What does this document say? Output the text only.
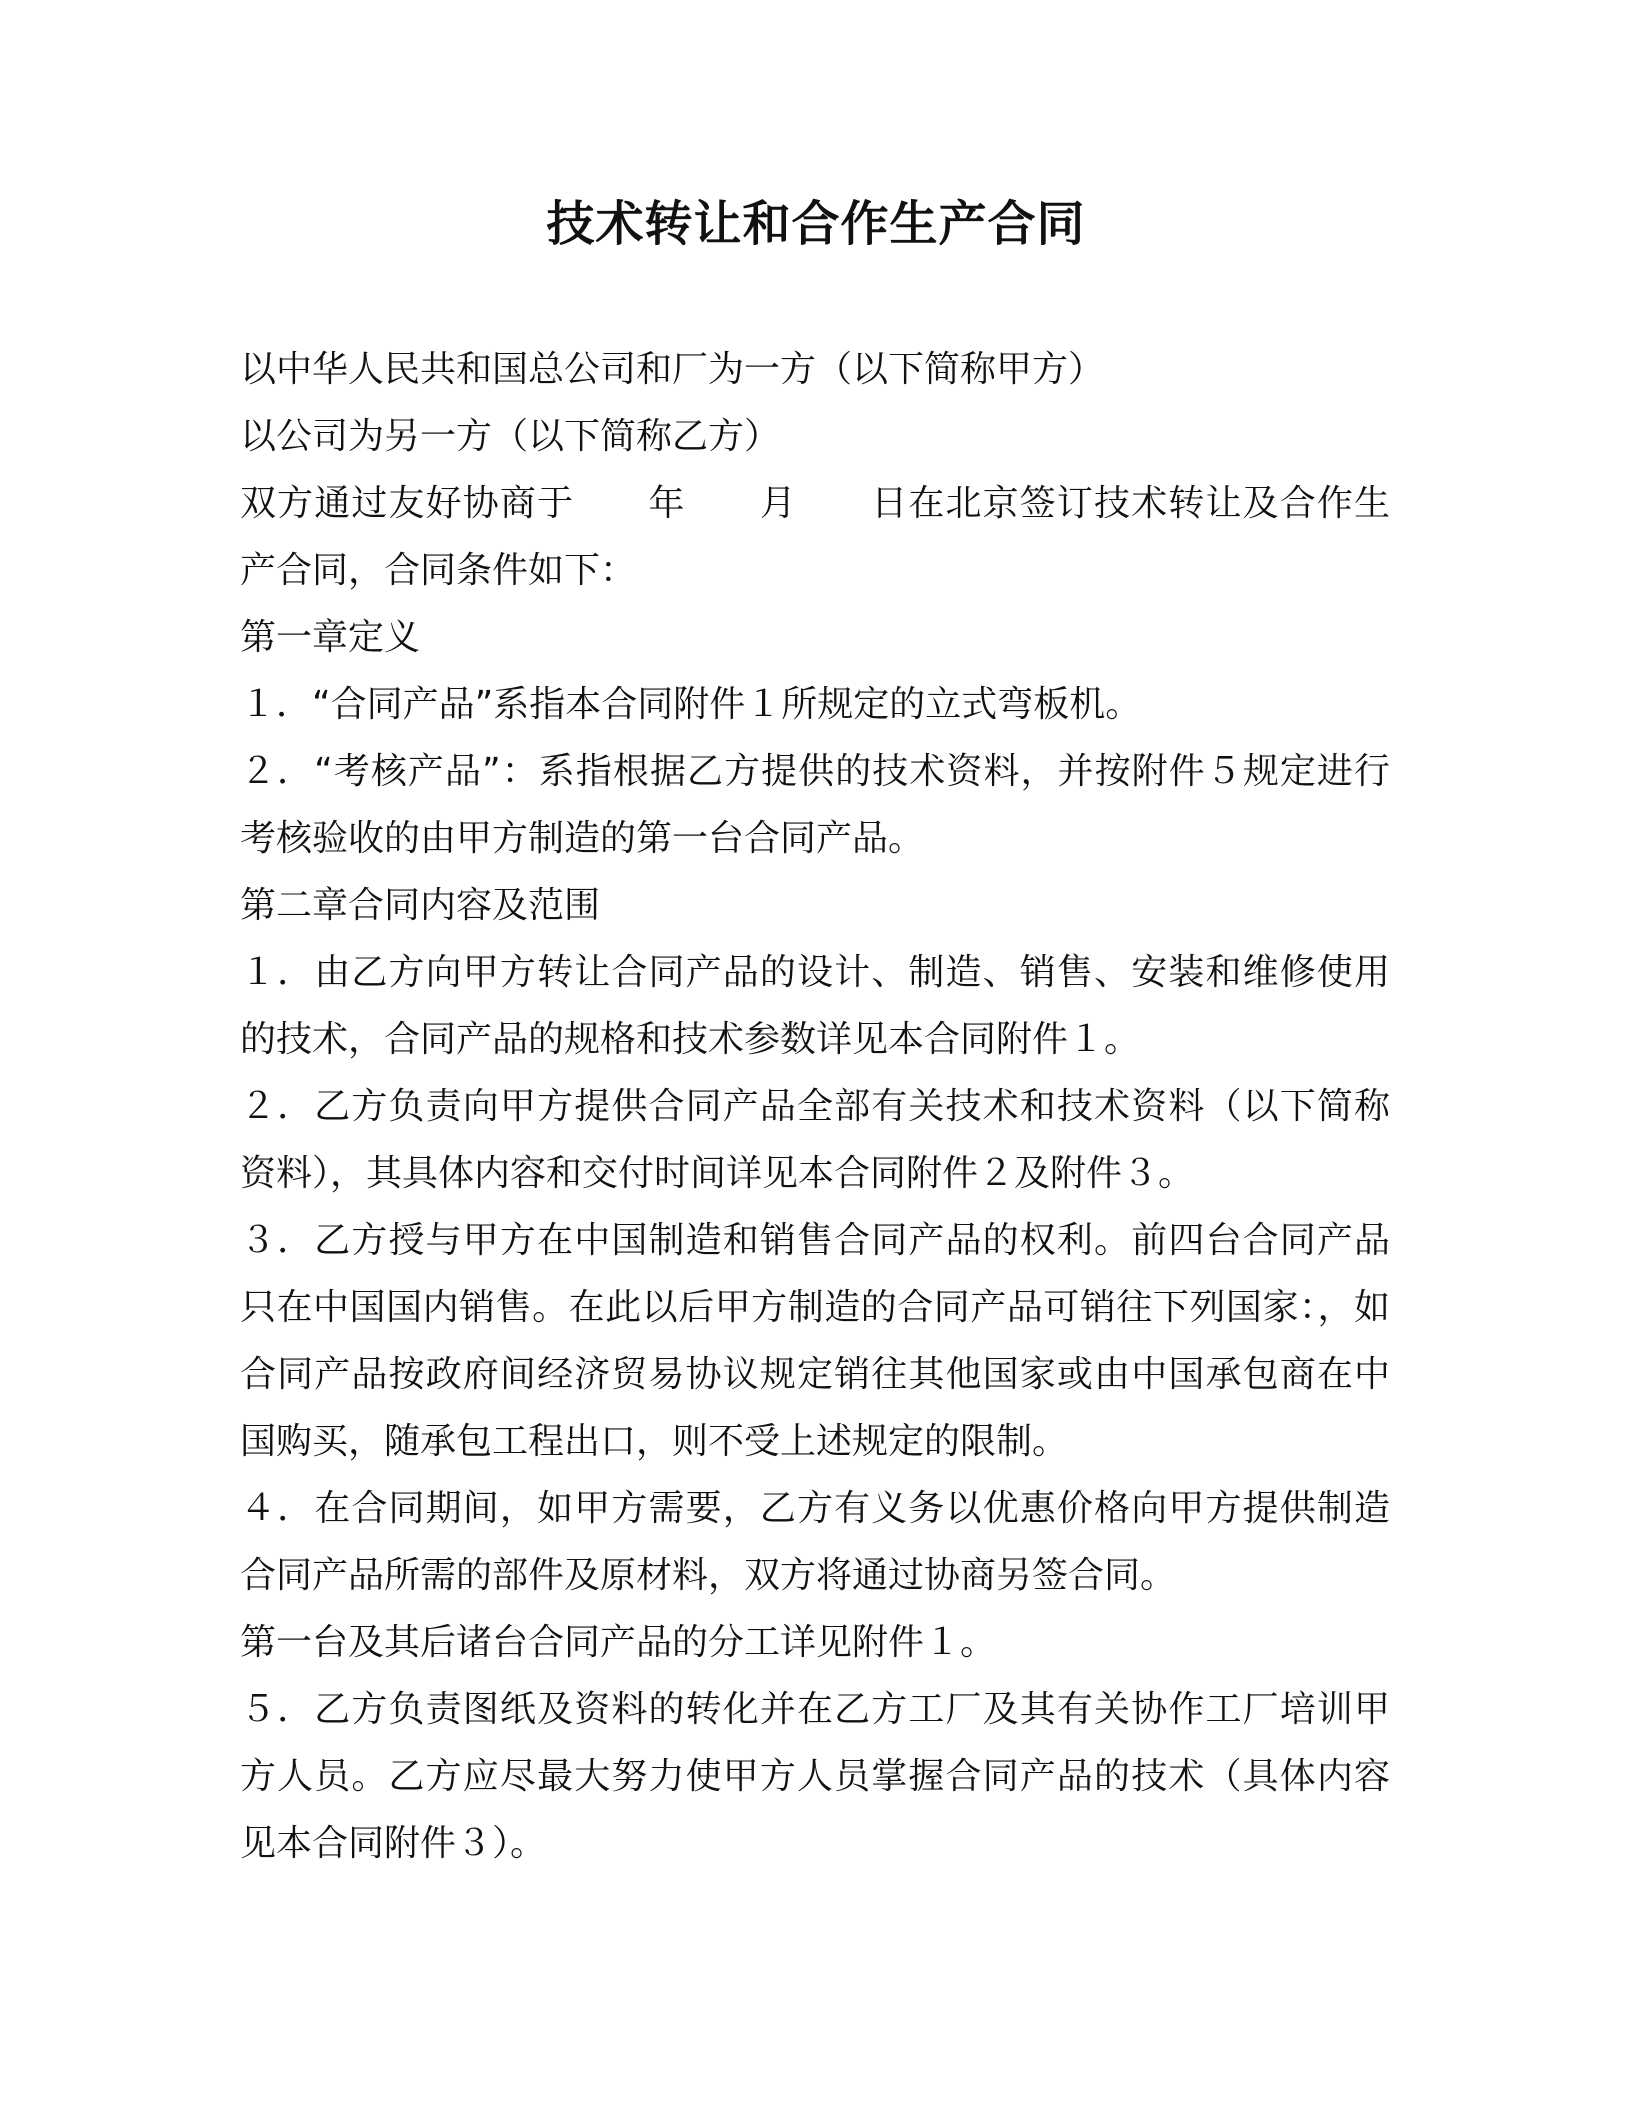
技术转让和合作生产合同

以中华人民共和国总公司和厂为一方（以下简称甲方）

以公司为另一方（以下简称乙方）

双方通过友好协商于　　年　　月　　日在北京签订技术转让及合作生产合同，合同条件如下：

第一章定义

１．“合同产品”系指本合同附件１所规定的立式弯板机。

２．“考核产品”：系指根据乙方提供的技术资料，并按附件５规定进行考核验收的由甲方制造的第一台合同产品。

第二章合同内容及范围

１．由乙方向甲方转让合同产品的设计、制造、销售、安装和维修使用的技术，合同产品的规格和技术参数详见本合同附件１。

２．乙方负责向甲方提供合同产品全部有关技术和技术资料（以下简称资料），其具体内容和交付时间详见本合同附件２及附件３。

３．乙方授与甲方在中国制造和销售合同产品的权利。前四台合同产品只在中国国内销售。在此以后甲方制造的合同产品可销往下列国家：，如合同产品按政府间经济贸易协议规定销往其他国家或由中国承包商在中国购买，随承包工程出口，则不受上述规定的限制。

４．在合同期间，如甲方需要，乙方有义务以优惠价格向甲方提供制造合同产品所需的部件及原材料，双方将通过协商另签合同。

第一台及其后诸台合同产品的分工详见附件１。

５．乙方负责图纸及资料的转化并在乙方工厂及其有关协作工厂培训甲方人员。乙方应尽最大努力使甲方人员掌握合同产品的技术（具体内容见本合同附件３）。
